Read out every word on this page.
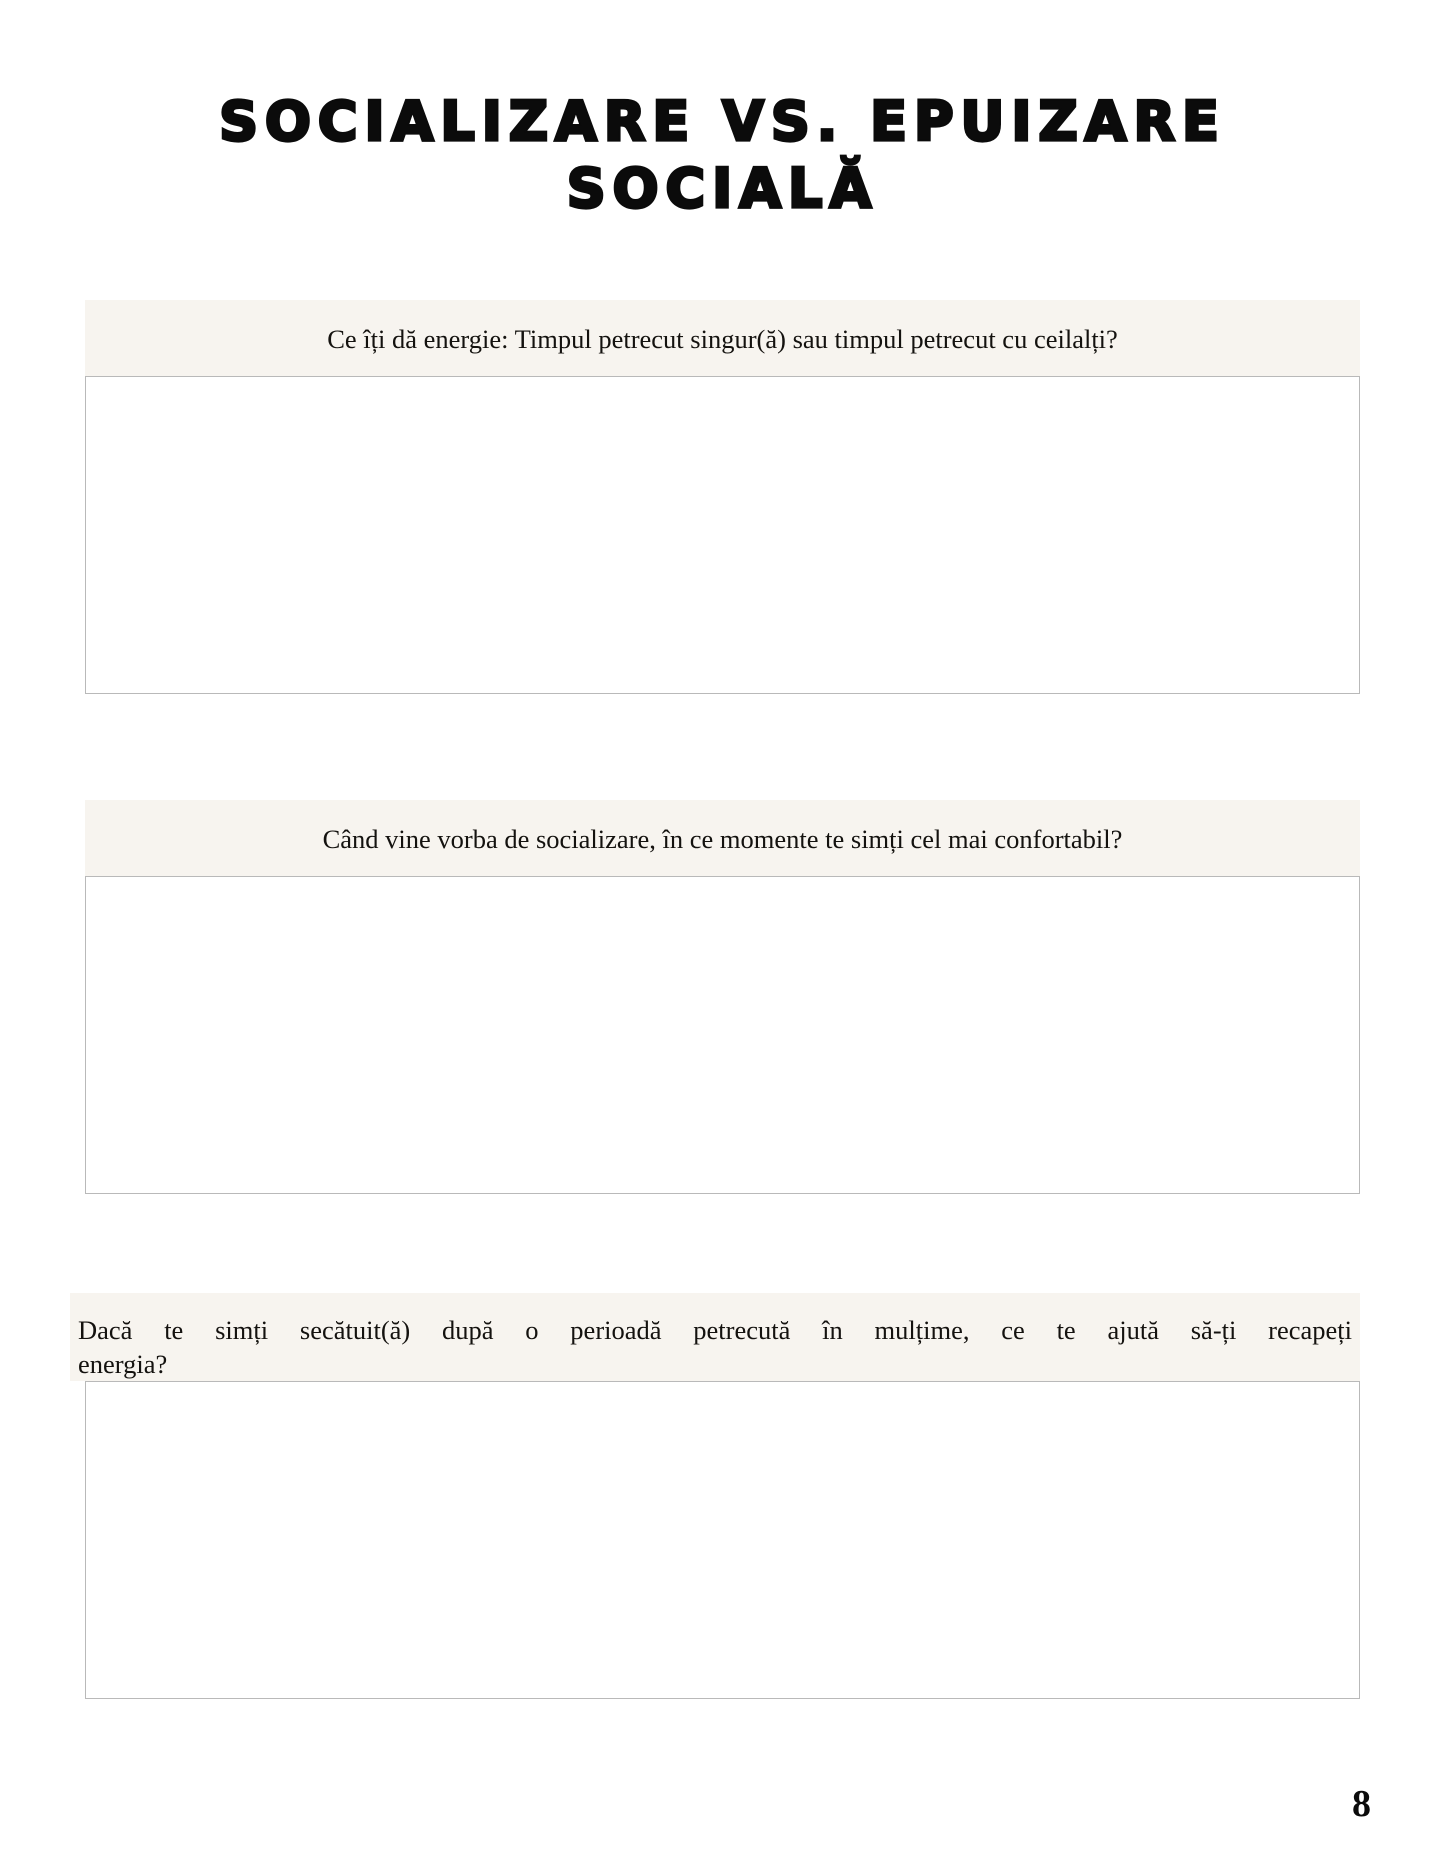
SOCIALIZARE VS. EPUIZARE
SOCIALĂ
Ce îți dă energie: Timpul petrecut singur(ă) sau timpul petrecut cu ceilalți?
Când vine vorba de socializare, în ce momente te simți cel mai confortabil?
Dacă te simți secătuit(ă) după o perioadă petrecută în mulțime, ce te ajută să-ți recapeți
energia?
8
